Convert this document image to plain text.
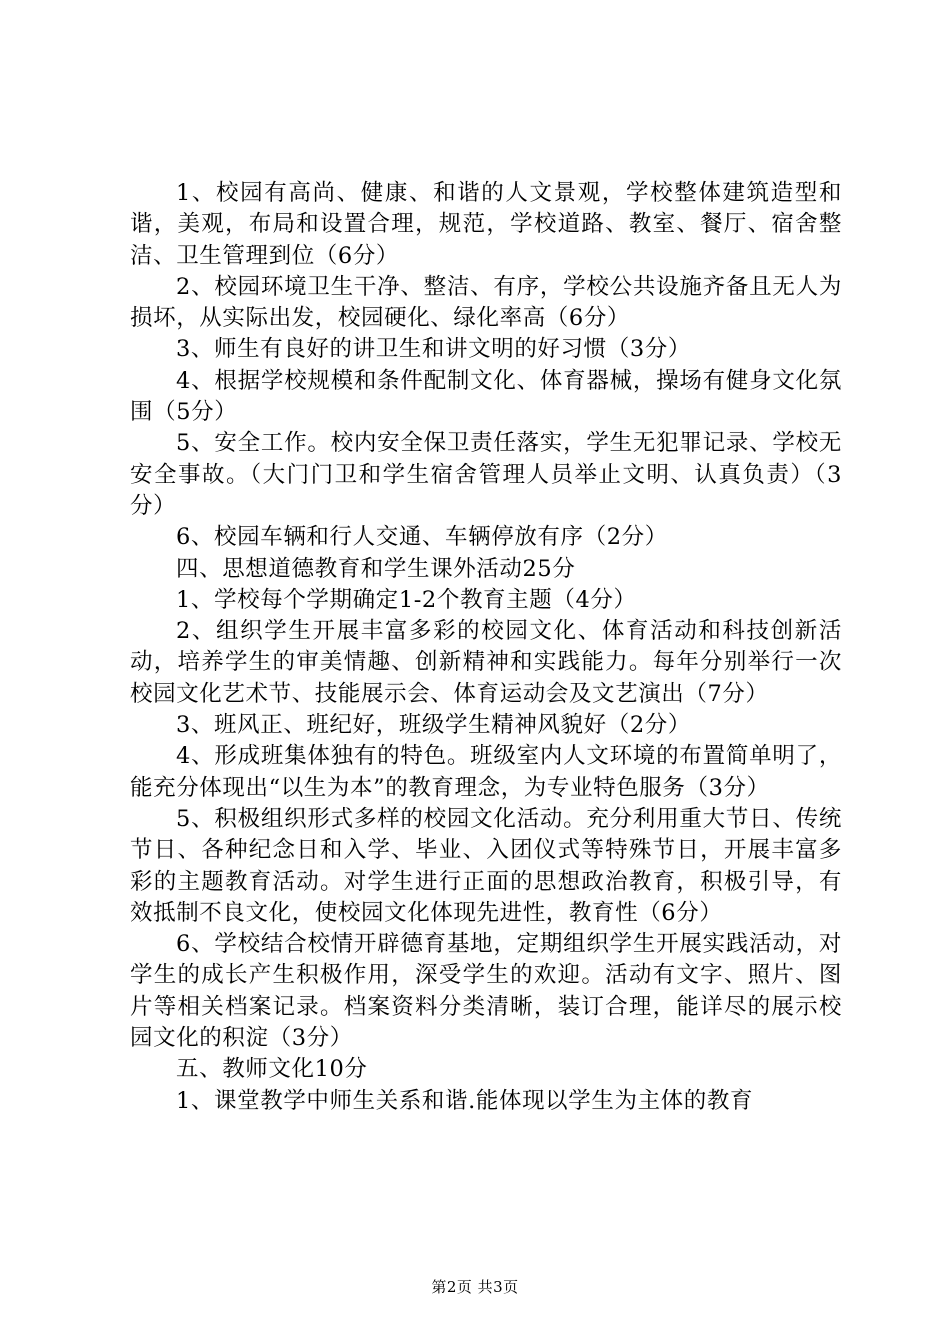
1、校园有高尚、健康、和谐的人文景观，学校整体建筑造型和谐，美观，布局和设置合理，规范，学校道路、教室、餐厅、宿舍整洁、卫生管理到位（6分）

2、校园环境卫生干净、整洁、有序，学校公共设施齐备且无人为损坏，从实际出发，校园硬化、绿化率高（6分）

3、师生有良好的讲卫生和讲文明的好习惯（3分）

4、根据学校规模和条件配制文化、体育器械，操场有健身文化氛围（5分）

5、安全工作。校内安全保卫责任落实，学生无犯罪记录、学校无安全事故。（大门门卫和学生宿舍管理人员举止文明、认真负责）（3分）

6、校园车辆和行人交通、车辆停放有序（2分）

四、思想道德教育和学生课外活动25分

1、学校每个学期确定1-2个教育主题（4分）

2、组织学生开展丰富多彩的校园文化、体育活动和科技创新活动，培养学生的审美情趣、创新精神和实践能力。每年分别举行一次校园文化艺术节、技能展示会、体育运动会及文艺演出（7分）

3、班风正、班纪好，班级学生精神风貌好（2分）

4、形成班集体独有的特色。班级室内人文环境的布置简单明了，能充分体现出“以生为本”的教育理念，为专业特色服务（3分）

5、积极组织形式多样的校园文化活动。充分利用重大节日、传统节日、各种纪念日和入学、毕业、入团仪式等特殊节日，开展丰富多彩的主题教育活动。对学生进行正面的思想政治教育，积极引导，有效抵制不良文化，使校园文化体现先进性，教育性（6分）

6、学校结合校情开辟德育基地，定期组织学生开展实践活动，对学生的成长产生积极作用，深受学生的欢迎。活动有文字、照片、图片等相关档案记录。档案资料分类清晰，装订合理，能详尽的展示校园文化的积淀（3分）

五、教师文化10分

1、课堂教学中师生关系和谐.能体现以学生为主体的教育

第2页 共3页
